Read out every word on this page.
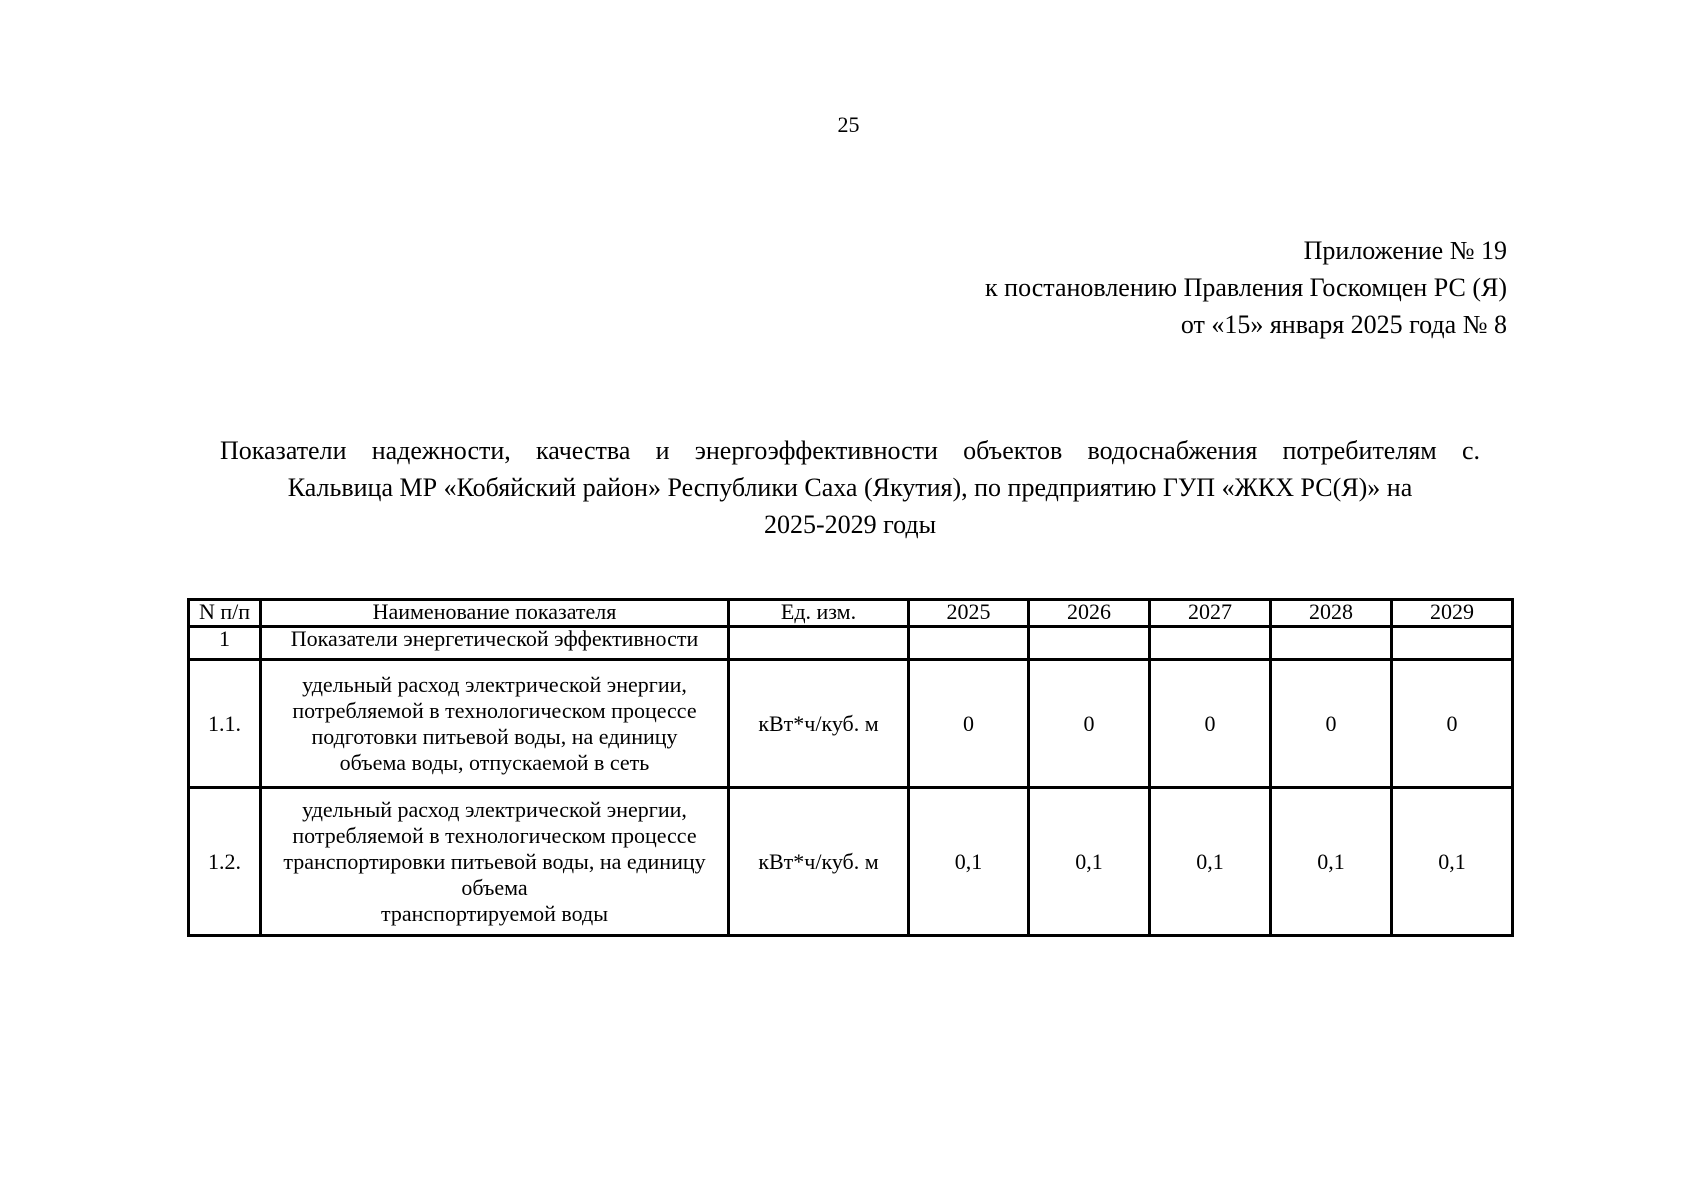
25
Приложение № 19
к постановлению Правления Госкомцен РС (Я)
от «15» января 2025 года № 8
Показатели надежности, качества и энергоэффективности объектов водоснабжения потребителям с.
Кальвица МР «Кобяйский район» Республики Саха (Якутия), по предприятию ГУП «ЖКХ РС(Я)» на
2025-2029 годы
N п/п	Наименование показателя	Ед. изм.	2025	2026	2027	2028	2029
1	Показатели энергетической эффективности						
1.1.	удельный расход электрической энергии,
потребляемой в технологическом процессе
подготовки питьевой воды, на единицу
объема воды, отпускаемой в сеть	кВт*ч/куб. м	0	0	0	0	0
1.2.	удельный расход электрической энергии,
потребляемой в технологическом процессе
транспортировки питьевой воды, на единицу
объема
транспортируемой воды	кВт*ч/куб. м	0,1	0,1	0,1	0,1	0,1
